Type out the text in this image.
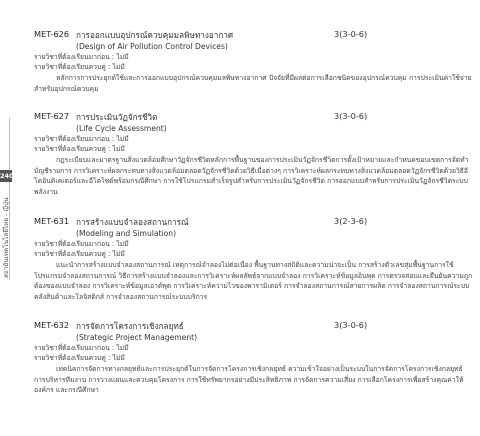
สถาบันเทคโนโลยีไทย - ญี่ปุ่น
240
MET-626 การออกแบบอุปกรณ์ควบคุมมลพิษทางอากาศ	3(3-0-6)
(Design of Air Pollution Control Devices)
รายวิชาที่ต้องเรียนมาก่อน : ไม่มี
รายวิชาที่ต้องเรียนควบคู่ : ไม่มี
หลักการการประยุกต์ใช้และการออกแบบอุปกรณ์ควบคุมมลพิษทางอากาศ ปัจจัยที่มีผลต่อการเลือกชนิดของอุปกรณ์ควบคุม การประเมินค่าใช้จ่ายสำหรับอุปกรณ์ควบคุม
MET-627 การประเมินวัฏจักรชีวิต	3(3-0-6)
(Life Cycle Assessment)
รายวิชาที่ต้องเรียนมาก่อน : ไม่มี
รายวิชาที่ต้องเรียนควบคู่ : ไม่มี
กฎระเบียบและมาตรฐานสิ่งแวดล้อมศึกษาวัฏจักรชีวิตหลักการพื้นฐานของการประเมินวัฏจักรชีวิตการตั้งเป้าหมายและกำหนดขอบเขตการจัดทำบัญชีรายการ การวิเคราะห์ผลกระทบทางสิ่งแวดล้อมตลอดวัฏจักรชีวิตด้วยวิธีเมื่อต่างๆ การวิเคราะห์ผลกระทบทางสิ่งแวดล้อมตลอดวัฏจักรชีวิตด้วยวิธีอีโคอินดิเคเตอร์และอีโคไซด์พร้อมกรณีศึกษา การใช้โปรแกรมสำเร็จรูปสำหรับการประเมินวัฏจักรชีวิต การออกแบบสำหรับการประเมินวัฏจักรชีวิตระบบพลังงาน
MET-631 การสร้างแบบจำลองสถานการณ์	3(2-3-6)
(Modeling and Simulation)
รายวิชาที่ต้องเรียนมาก่อน : ไม่มี
รายวิชาที่ต้องเรียนควบคู่ : ไม่มี
แนะนำการสร้างแบบจำลองสถานการณ์ เหตุการณ์จำลองไม่ต่อเนื่อง พื้นฐานทางสถิติและความน่าจะเป็น การสร้างตัวเลขสุ่มพื้นฐานการใช้โปรแกรมจำลองสถานการณ์ วิธีการสร้างแบบจำลองและการวิเคราะห์ผลลัพธ์จากแบบจำลอง การวิเคราะห์ข้อมูลอินพุต การตรวจสอบและยืนยันความถูกต้องของแบบจำลอง การวิเคราะห์ข้อมูลเอาต์พุต การวิเคราะห์ความไวของพารามิเตอร์ การจำลองสถานการณ์สายการผลิต การจำลองสถานการณ์ระบบคลังสินค้าและโลจิสติกส์ การจำลองสถานการณ์ระบบบริการ
MET-632 การจัดการโครงการเชิงกลยุทธ์	3(3-0-6)
(Strategic Project Management)
รายวิชาที่ต้องเรียนมาก่อน : ไม่มี
รายวิชาที่ต้องเรียนควบคู่ : ไม่มี
เทคนิคการจัดการทางกลยุทธ์และการประยุกต์ในการจัดการโครงการเชิงกลยุทธ์ ความเข้าใจอย่างเป็นระบบในการจัดการโครงการเชิงกลยุทธ์ การบริหารทีมงาน การวางแผนและควบคุมโครงการ การใช้ทรัพยากรอย่างมีประสิทธิภาพ การจัดการความเสี่ยง การเลือกโครงการเพื่อสร้างคุณค่าให้องค์กร และกรณีศึกษา
